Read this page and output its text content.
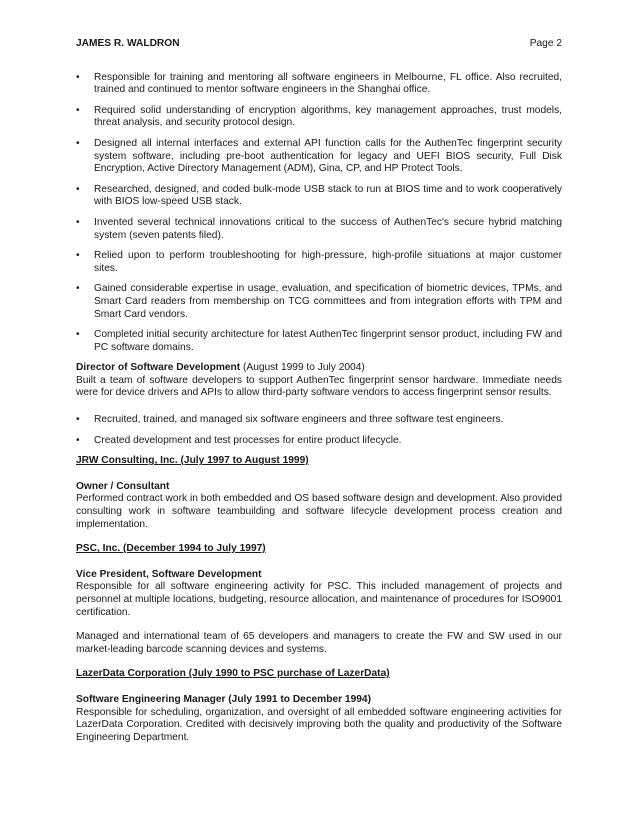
JAMES R. WALDRON	Page 2
• Responsible for training and mentoring all software engineers in Melbourne, FL office. Also recruited, trained and continued to mentor software engineers in the Shanghai office.
• Required solid understanding of encryption algorithms, key management approaches, trust models, threat analysis, and security protocol design.
• Designed all internal interfaces and external API function calls for the AuthenTec fingerprint security system software, including pre-boot authentication for legacy and UEFI BIOS security, Full Disk Encryption, Active Directory Management (ADM), Gina, CP, and HP Protect Tools.
• Researched, designed, and coded bulk-mode USB stack to run at BIOS time and to work cooperatively with BIOS low-speed USB stack.
• Invented several technical innovations critical to the success of AuthenTec's secure hybrid matching system (seven patents filed).
• Relied upon to perform troubleshooting for high-pressure, high-profile situations at major customer sites.
• Gained considerable expertise in usage, evaluation, and specification of biometric devices, TPMs, and Smart Card readers from membership on TCG committees and from integration efforts with TPM and Smart Card vendors.
• Completed initial security architecture for latest AuthenTec fingerprint sensor product, including FW and PC software domains.
Director of Software Development (August 1999 to July 2004)

Built a team of software developers to support AuthenTec fingerprint sensor hardware. Immediate needs were for device drivers and APIs to allow third-party software vendors to access fingerprint sensor results.

• Recruited, trained, and managed six software engineers and three software test engineers.
• Created development and test processes for entire product lifecycle.
JRW Consulting, Inc. (July 1997 to August 1999)
Owner / Consultant

Performed contract work in both embedded and OS based software design and development. Also provided consulting work in software teambuilding and software lifecycle development process creation and implementation.

PSC, Inc. (December 1994 to July 1997)
Vice President, Software Development

Responsible for all software engineering activity for PSC. This included management of projects and personnel at multiple locations, budgeting, resource allocation, and maintenance of procedures for ISO9001 certification.

Managed and international team of 65 developers and managers to create the FW and SW used in our market-leading barcode scanning devices and systems.

LazerData Corporation (July 1990 to PSC purchase of LazerData)
Software Engineering Manager (July 1991 to December 1994)

Responsible for scheduling, organization, and oversight of all embedded software engineering activities for LazerData Corporation. Credited with decisively improving both the quality and productivity of the Software Engineering Department.
